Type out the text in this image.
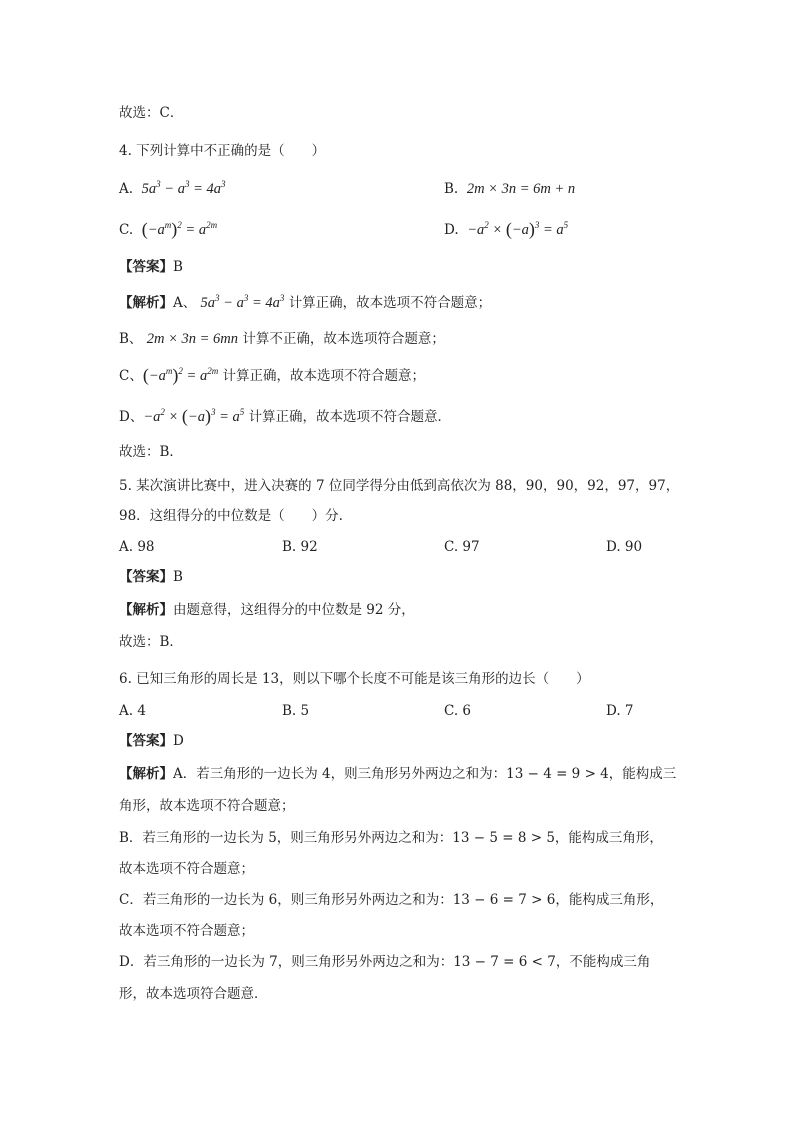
故选：C．
4. 下列计算中不正确的是（　　）
A. $5a^3 - a^3 = 4a^3$	B. 2m × 3n = 6m + n
C. $(-a^m)^2 = a^{2m}$	D. $-a^2 \times (-a)^3 = a^5$
【答案】B
【解析】A、 $5a^3 - a^3 = 4a^3$ 计算正确，故本选项不符合题意；
B、 2m × 3n = 6mn 计算不正确，故本选项符合题意；
C、$(-a^m)^2 = a^{2m}$ 计算正确，故本选项不符合题意；
D、$-a^2 \times (-a)^3 = a^5$ 计算正确，故本选项不符合题意．
故选：B．
5. 某次演讲比赛中，进入决赛的 7 位同学得分由低到高依次为 88，90，90，92，97，97，
98．这组得分的中位数是（　　）分.
A. 98	B. 92	C. 97	D. 90
【答案】B
【解析】由题意得，这组得分的中位数是 92 分，
故选：B．
6. 已知三角形的周长是 13，则以下哪个长度不可能是该三角形的边长（　　）
A. 4	B. 5	C. 6	D. 7
【答案】D
【解析】A．若三角形的一边长为 4，则三角形另外两边之和为：13 − 4 = 9 > 4，能构成三
角形，故本选项不符合题意；
B．若三角形的一边长为 5，则三角形另外两边之和为：13 − 5 = 8 > 5，能构成三角形，
故本选项不符合题意；
C．若三角形的一边长为 6，则三角形另外两边之和为：13 − 6 = 7 > 6，能构成三角形，
故本选项不符合题意；
D．若三角形的一边长为 7，则三角形另外两边之和为：13 − 7 = 6 < 7，不能构成三角
形，故本选项符合题意．
